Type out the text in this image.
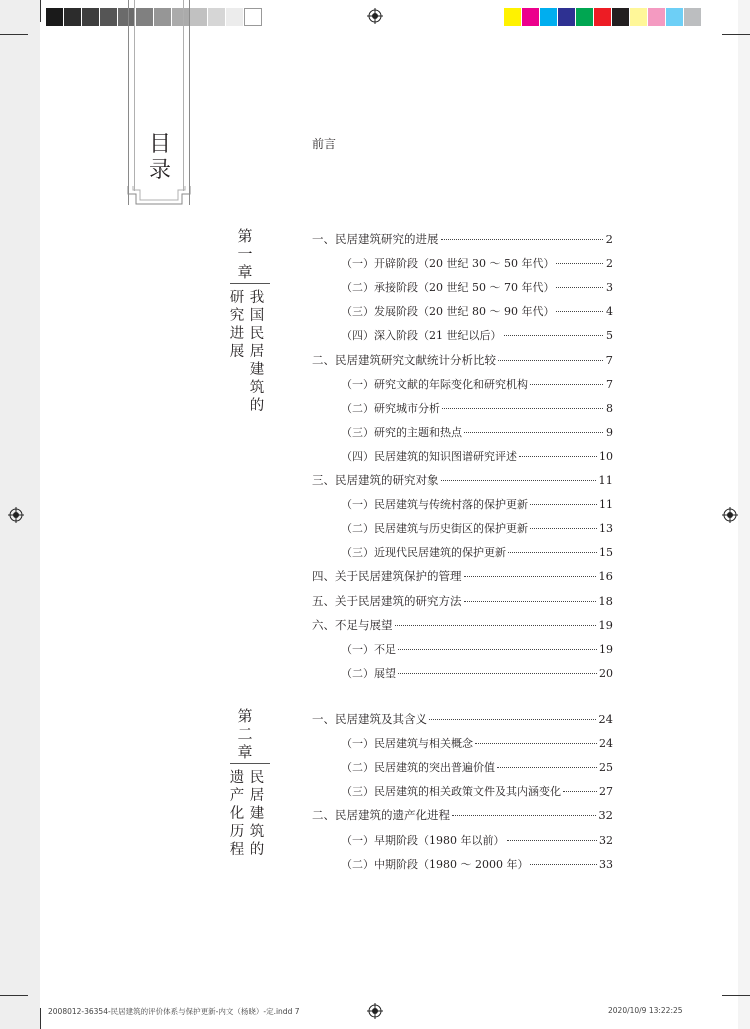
目录
前言
第
一
章
我
国
民
居
建
筑
的
研
究
进
展
一、民居建筑研究的进展	2
（一）开辟阶段（20 世纪 30 ～ 50 年代）	2
（二）承接阶段（20 世纪 50 ～ 70 年代）	3
（三）发展阶段（20 世纪 80 ～ 90 年代）	4
（四）深入阶段（21 世纪以后）	5
二、民居建筑研究文献统计分析比较	7
（一）研究文献的年际变化和研究机构	7
（二）研究城市分析	8
（三）研究的主题和热点	9
（四）民居建筑的知识图谱研究评述	10
三、民居建筑的研究对象	11
（一）民居建筑与传统村落的保护更新	11
（二）民居建筑与历史街区的保护更新	13
（三）近现代民居建筑的保护更新	15
四、关于民居建筑保护的管理	16
五、关于民居建筑的研究方法	18
六、不足与展望	19
（一）不足	19
（二）展望	20
第
二
章
民
居
建
筑
的
遗
产
化
历
程
一、民居建筑及其含义	24
（一）民居建筑与相关概念	24
（二）民居建筑的突出普遍价值	25
（三）民居建筑的相关政策文件及其内涵变化	27
二、民居建筑的遗产化进程	32
（一）早期阶段（1980 年以前）	32
（二）中期阶段（1980 ～ 2000 年）	33
2008012-36354-民居建筑的评价体系与保护更新-内文（杨晓）-定.indd 7	2020/10/9 13:22:25
